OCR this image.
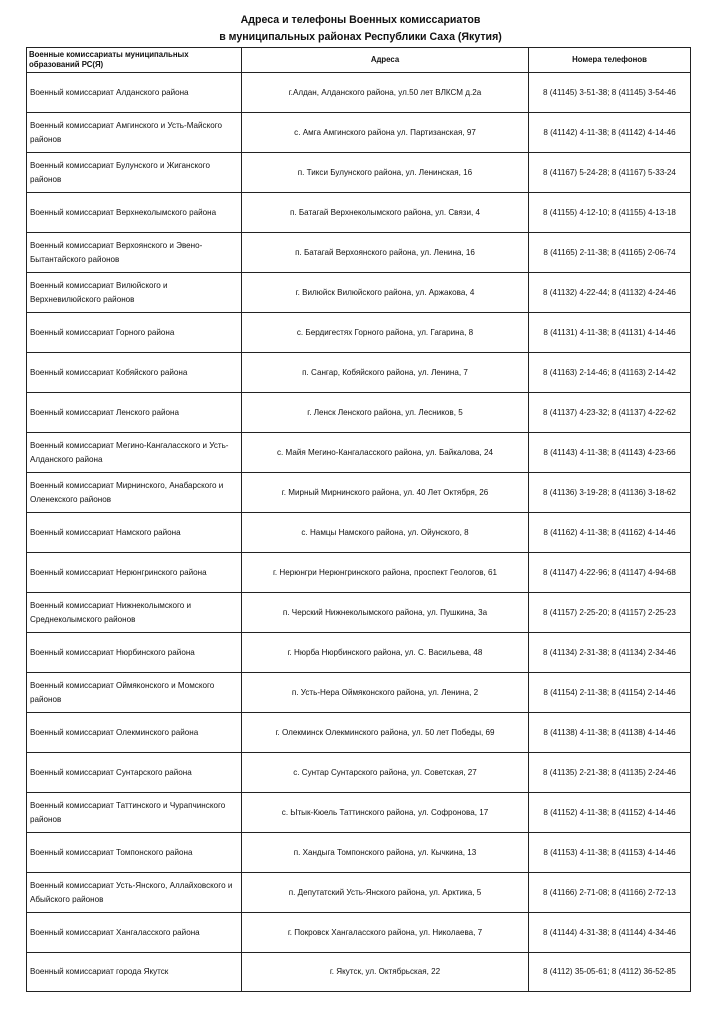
Адреса и телефоны Военных комиссариатов
в муниципальных районах Республики Саха (Якутия)
Военные комиссариаты муниципальных образований РС(Я)	Адреса	Номера телефонов
Военный комиссариат Алданского района	г.Алдан, Алданского района, ул.50 лет ВЛКСМ д.2а	8 (41145) 3-51-38; 8 (41145) 3-54-46
Военный комиссариат Амгинского и Усть-Майского районов	с. Амга Амгинского района ул. Партизанская, 97	8 (41142) 4-11-38; 8 (41142) 4-14-46
Военный комиссариат Булунского и Жиганского районов	п. Тикси Булунского района, ул. Ленинская, 16	8 (41167) 5-24-28; 8 (41167) 5-33-24
Военный комиссариат Верхнеколымского района	п. Батагай Верхнеколымского района, ул. Связи, 4	8 (41155) 4-12-10; 8 (41155) 4-13-18
Военный комиссариат Верхоянского и Эвено-Бытантайского районов	п. Батагай Верхоянского района, ул. Ленина, 16	8 (41165) 2-11-38; 8 (41165) 2-06-74
Военный комиссариат Вилюйского и Верхневилюйского районов	г. Вилюйск Вилюйского района, ул. Аржакова, 4	8 (41132) 4-22-44; 8 (41132) 4-24-46
Военный комиссариат Горного района	с. Бердигестях Горного района, ул. Гагарина, 8	8 (41131) 4-11-38; 8 (41131) 4-14-46
Военный комиссариат Кобяйского района	п. Сангар, Кобяйского района, ул. Ленина, 7	8 (41163) 2-14-46; 8 (41163) 2-14-42
Военный комиссариат Ленского района	г. Ленск Ленского района, ул. Лесников, 5	8 (41137) 4-23-32; 8 (41137) 4-22-62
Военный комиссариат Мегино-Кангаласского и Усть-Алданского района	с. Майя Мегино-Кангаласского района, ул. Байкалова, 24	8 (41143) 4-11-38; 8 (41143) 4-23-66
Военный комиссариат Мирнинского, Анабарского и Оленекского районов	г. Мирный Мирнинского района, ул. 40 Лет Октября, 26	8 (41136) 3-19-28; 8 (41136) 3-18-62
Военный комиссариат Намского района	с. Намцы Намского района, ул. Ойунского, 8	8 (41162) 4-11-38; 8 (41162) 4-14-46
Военный комиссариат Нерюнгринского района	г. Нерюнгри Нерюнгринского района, проспект Геологов, 61	8 (41147) 4-22-96; 8 (41147) 4-94-68
Военный комиссариат Нижнеколымского и Среднеколымского районов	п. Черский Нижнеколымского района, ул. Пушкина, 3а	8 (41157) 2-25-20; 8 (41157) 2-25-23
Военный комиссариат Нюрбинского района	г. Нюрба Нюрбинского района, ул. С. Васильева, 48	8 (41134) 2-31-38; 8 (41134) 2-34-46
Военный комиссариат Оймяконского и Момского районов	п. Усть-Нера Оймяконского района, ул. Ленина, 2	8 (41154) 2-11-38; 8 (41154) 2-14-46
Военный комиссариат Олекминского района	г. Олекминск Олекминского района, ул. 50 лет Победы, 69	8 (41138) 4-11-38; 8 (41138) 4-14-46
Военный комиссариат Сунтарского района	с. Сунтар Сунтарского района, ул. Советская, 27	8 (41135) 2-21-38; 8 (41135) 2-24-46
Военный комиссариат Таттинского и Чурапчинского районов	с. Ытык-Кюель Таттинского района, ул. Софронова, 17	8 (41152) 4-11-38; 8 (41152) 4-14-46
Военный комиссариат Томпонского района	п. Хандыга Томпонского района, ул. Кычкина, 13	8 (41153) 4-11-38; 8 (41153) 4-14-46
Военный комиссариат Усть-Янского, Аллайховского и Абыйского районов	п. Депутатский Усть-Янского района, ул. Арктика, 5	8 (41166) 2-71-08; 8 (41166) 2-72-13
Военный комиссариат Хангаласского района	г. Покровск Хангаласского района, ул. Николаева, 7	8 (41144) 4-31-38; 8 (41144) 4-34-46
Военный комиссариат города Якутск	г. Якутск, ул. Октябрьская, 22	8 (4112) 35-05-61; 8 (4112) 36-52-85
